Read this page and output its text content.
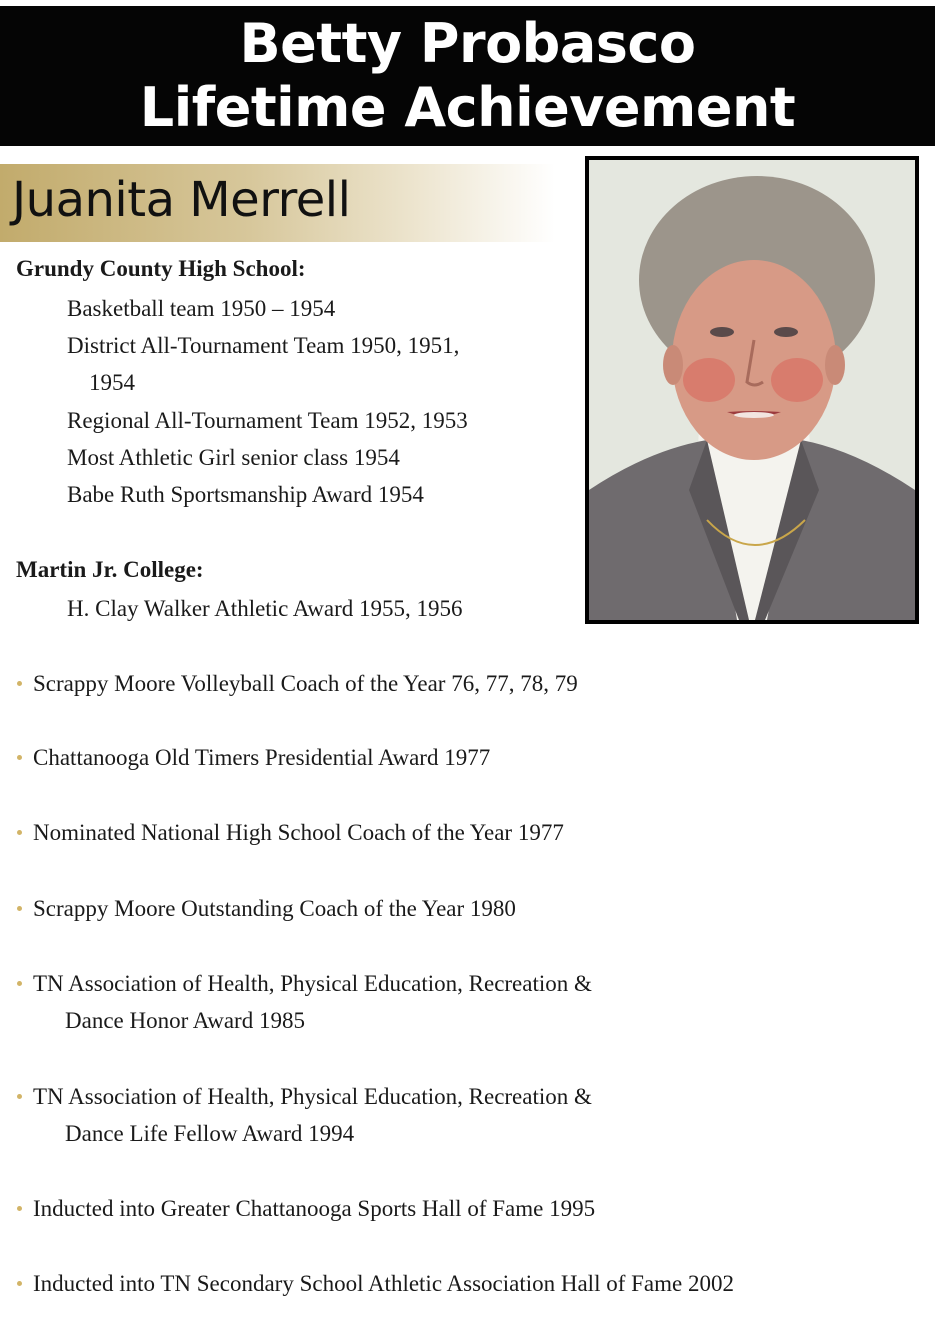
Betty Probasco
Lifetime Achievement
Juanita Merrell
Grundy County High School:
Basketball team 1950 – 1954
District All-Tournament Team 1950, 1951,
1954
Regional All-Tournament Team 1952, 1953
Most Athletic Girl senior class 1954
Babe Ruth Sportsmanship Award 1954
Martin Jr. College:
H. Clay Walker Athletic Award 1955, 1956
Scrappy Moore Volleyball Coach of the Year 76, 77, 78, 79
Chattanooga Old Timers Presidential Award 1977
Nominated National High School Coach of the Year 1977
Scrappy Moore Outstanding Coach of the Year 1980
TN Association of Health, Physical Education, Recreation &
Dance Honor Award 1985
TN Association of Health, Physical Education, Recreation &
Dance Life Fellow Award 1994
Inducted into Greater Chattanooga Sports Hall of Fame 1995
Inducted into TN Secondary School Athletic Association Hall of Fame 2002
